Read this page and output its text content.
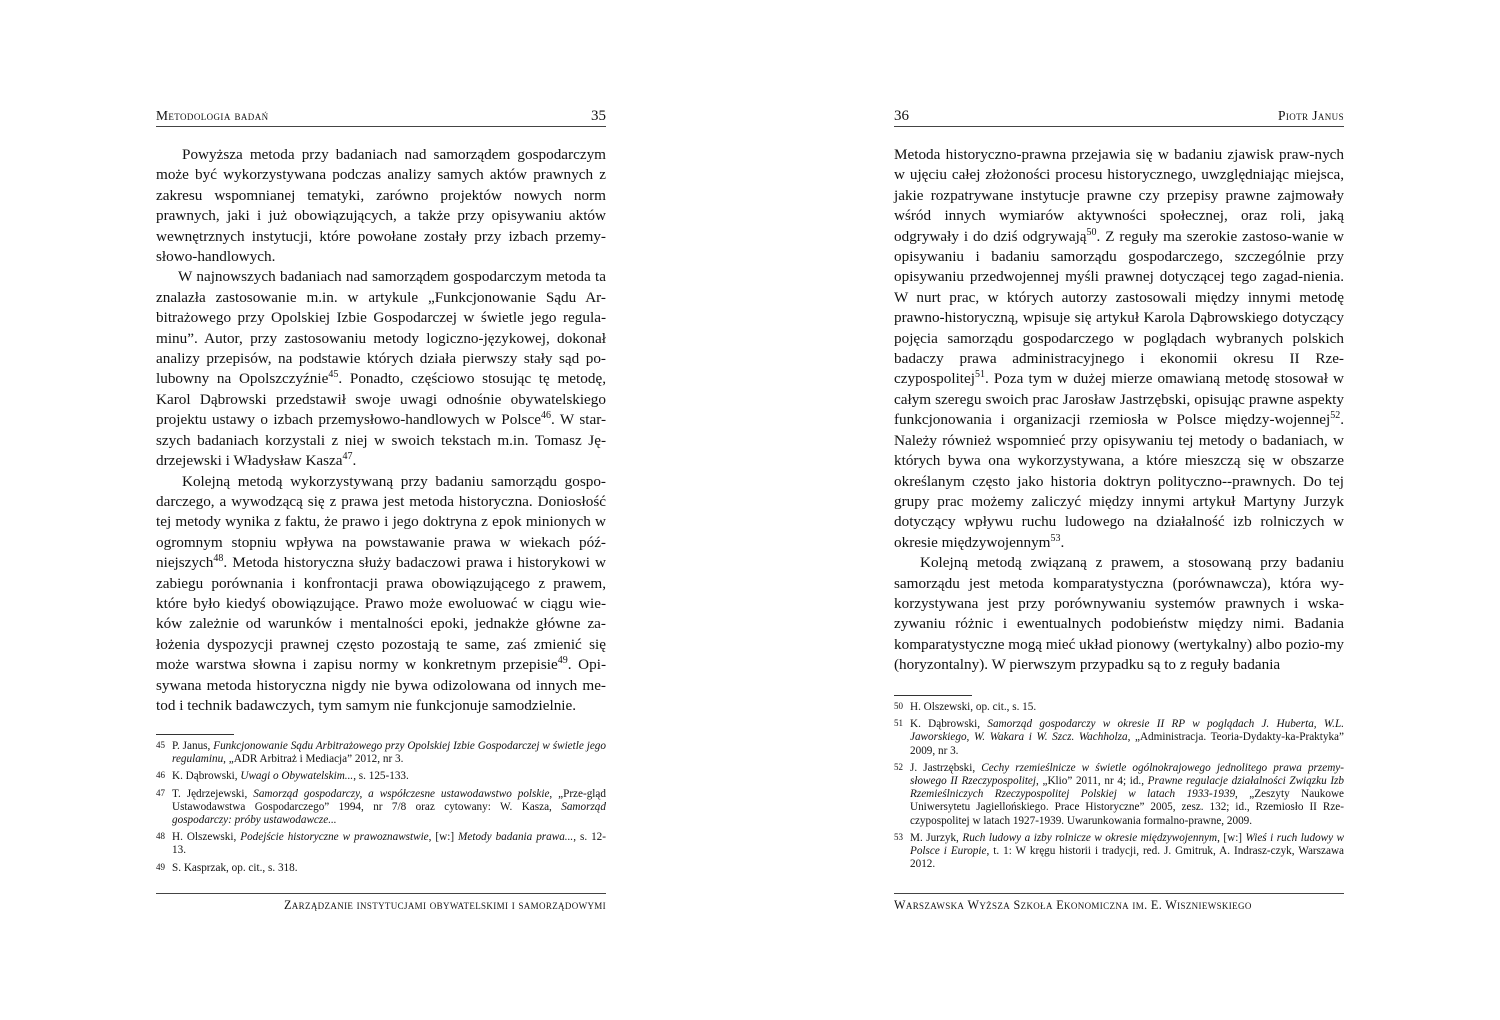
Metodologia badań	35

Powyższa metoda przy badaniach nad samorządem gospodarczym może być wykorzystywana podczas analizy samych aktów prawnych z zakresu wspomnianej tematyki, zarówno projektów nowych norm prawnych, jaki i już obowiązujących, a także przy opisywaniu aktów wewnętrznych instytucji, które powołane zostały przy izbach przemy-słowo-handlowych.

W najnowszych badaniach nad samorządem gospodarczym metoda ta znalazła zastosowanie m.in. w artykule „Funkcjonowanie Sądu Ar-bitrażowego przy Opolskiej Izbie Gospodarczej w świetle jego regula-minu”. Autor, przy zastosowaniu metody logiczno-językowej, dokonał analizy przepisów, na podstawie których działa pierwszy stały sąd po-lubowny na Opolszczyźnie$^{45}$. Ponadto, częściowo stosując tę metodę, Karol Dąbrowski przedstawił swoje uwagi odnośnie obywatelskiego projektu ustawy o izbach przemysłowo-handlowych w Polsce$^{46}$. W star-szych badaniach korzystali z niej w swoich tekstach m.in. Tomasz Ję-drzejewski i Władysław Kasza$^{47}$.

Kolejną metodą wykorzystywaną przy badaniu samorządu gospo-darczego, a wywodzącą się z prawa jest metoda historyczna. Doniosłość tej metody wynika z faktu, że prawo i jego doktryna z epok minionych w ogromnym stopniu wpływa na powstawanie prawa w wiekach póź-niejszych$^{48}$. Metoda historyczna służy badaczowi prawa i historykowi w zabiegu porównania i konfrontacji prawa obowiązującego z prawem, które było kiedyś obowiązujące. Prawo może ewoluować w ciągu wie-ków zależnie od warunków i mentalności epoki, jednakże główne za-łożenia dyspozycji prawnej często pozostają te same, zaś zmienić się może warstwa słowna i zapisu normy w konkretnym przepisie$^{49}$. Opi-sywana metoda historyczna nigdy nie bywa odizolowana od innych me-tod i technik badawczych, tym samym nie funkcjonuje samodzielnie.

45 P. Janus, Funkcjonowanie Sądu Arbitrażowego przy Opolskiej Izbie Gospodarczej w świetle jego regulaminu, „ADR Arbitraż i Mediacja” 2012, nr 3.
46 K. Dąbrowski, Uwagi o Obywatelskim..., s. 125-133.
47 T. Jędrzejewski, Samorząd gospodarczy, a współczesne ustawodawstwo polskie, „Prze-gląd Ustawodawstwa Gospodarczego” 1994, nr 7/8 oraz cytowany: W. Kasza, Samorząd gospodarczy: próby ustawodawcze...
48 H. Olszewski, Podejście historyczne w prawoznawstwie, [w:] Metody badania prawa..., s. 12-13.
49 S. Kasprzak, op. cit., s. 318.
Zarządzanie instytucjami obywatelskimi i samorządowymi
36	Piotr Janus

Metoda historyczno-prawna przejawia się w badaniu zjawisk praw-nych w ujęciu całej złożoności procesu historycznego, uwzględniając miejsca, jakie rozpatrywane instytucje prawne czy przepisy prawne zajmowały wśród innych wymiarów aktywności społecznej, oraz roli, jaką odgrywały i do dziś odgrywają$^{50}$. Z reguły ma szerokie zastoso-wanie w opisywaniu i badaniu samorządu gospodarczego, szczególnie przy opisywaniu przedwojennej myśli prawnej dotyczącej tego zagad-nienia. W nurt prac, w których autorzy zastosowali między innymi metodę prawno-historyczną, wpisuje się artykuł Karola Dąbrowskiego dotyczący pojęcia samorządu gospodarczego w poglądach wybranych polskich badaczy prawa administracyjnego i ekonomii okresu II Rze-czypospolitej$^{51}$. Poza tym w dużej mierze omawianą metodę stosował w całym szeregu swoich prac Jarosław Jastrzębski, opisując prawne aspekty funkcjonowania i organizacji rzemiosła w Polsce między-wojennej$^{52}$. Należy również wspomnieć przy opisywaniu tej metody o badaniach, w których bywa ona wykorzystywana, a które mieszczą się w obszarze określanym często jako historia doktryn polityczno--prawnych. Do tej grupy prac możemy zaliczyć między innymi artykuł Martyny Jurzyk dotyczący wpływu ruchu ludowego na działalność izb rolniczych w okresie międzywojennym$^{53}$.

Kolejną metodą związaną z prawem, a stosowaną przy badaniu samorządu jest metoda komparatystyczna (porównawcza), która wy-korzystywana jest przy porównywaniu systemów prawnych i wska-zywaniu różnic i ewentualnych podobieństw między nimi. Badania komparatystyczne mogą mieć układ pionowy (wertykalny) albo pozio-my (horyzontalny). W pierwszym przypadku są to z reguły badania

50 H. Olszewski, op. cit., s. 15.
51 K. Dąbrowski, Samorząd gospodarczy w okresie II RP w poglądach J. Huberta, W.L. Jaworskiego, W. Wakara i W. Szcz. Wachholza, „Administracja. Teoria-Dydakty-ka-Praktyka” 2009, nr 3.
52 J. Jastrzębski, Cechy rzemieślnicze w świetle ogólnokrajowego jednolitego prawa przemy-słowego II Rzeczypospolitej, „Klio” 2011, nr 4; id., Prawne regulacje działalności Związku Izb Rzemieślniczych Rzeczypospolitej Polskiej w latach 1933-1939, „Zeszyty Naukowe Uniwersytetu Jagiellońskiego. Prace Historyczne” 2005, zesz. 132; id., Rzemiosło II Rze-czypospolitej w latach 1927-1939. Uwarunkowania formalno-prawne, 2009.
53 M. Jurzyk, Ruch ludowy a izby rolnicze w okresie międzywojennym, [w:] Wieś i ruch ludowy w Polsce i Europie, t. 1: W kręgu historii i tradycji, red. J. Gmitruk, A. Indrasz-czyk, Warszawa 2012.
Warszawska Wyższa Szkoła Ekonomiczna im. E. Wiszniewskiego
